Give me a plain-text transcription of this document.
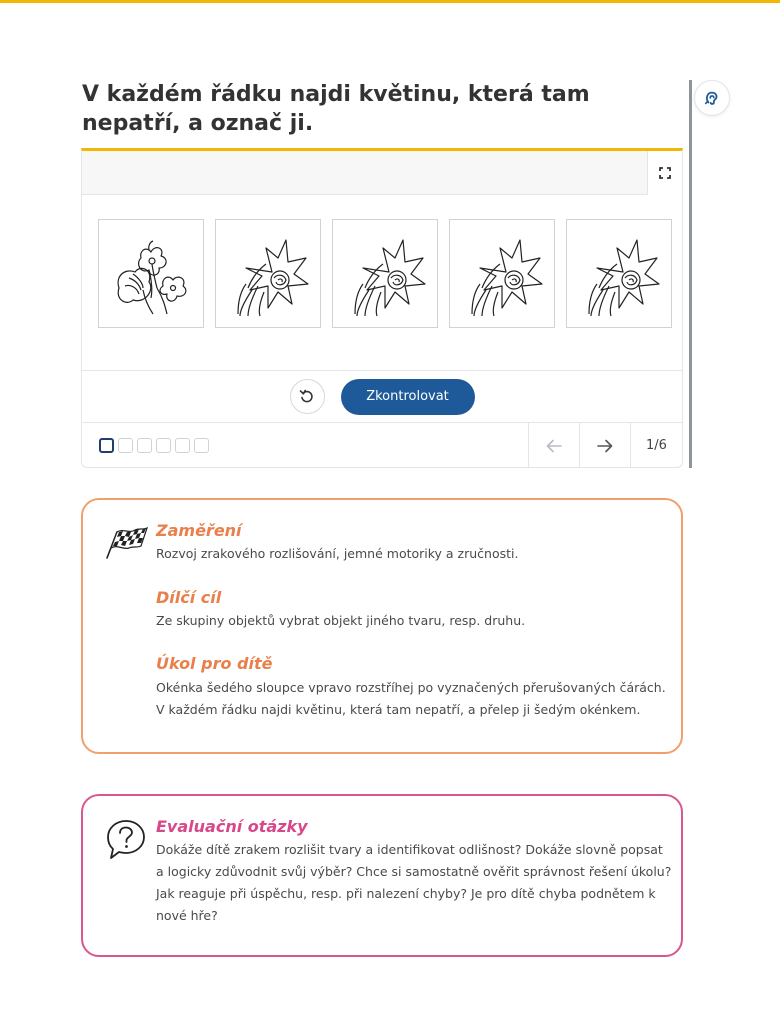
V každém řádku najdi květinu, která tam nepatří, a označ ji.
Zkontrolovat
1/6
Zaměření
Rozvoj zrakového rozlišování, jemné motoriky a zručnosti.
Dílčí cíl
Ze skupiny objektů vybrat objekt jiného tvaru, resp. druhu.
Úkol pro dítě
Okénka šedého sloupce vpravo rozstříhej po vyznačených přerušovaných čárách.
V každém řádku najdi květinu, která tam nepatří, a přelep ji šedým okénkem.
Evaluační otázky
Dokáže dítě zrakem rozlišit tvary a identifikovat odlišnost? Dokáže slovně popsat a logicky zdůvodnit svůj výběr? Chce si samostatně ověřit správnost řešení úkolu? Jak reaguje při úspěchu, resp. při nalezení chyby? Je pro dítě chyba podnětem k nové hře?
